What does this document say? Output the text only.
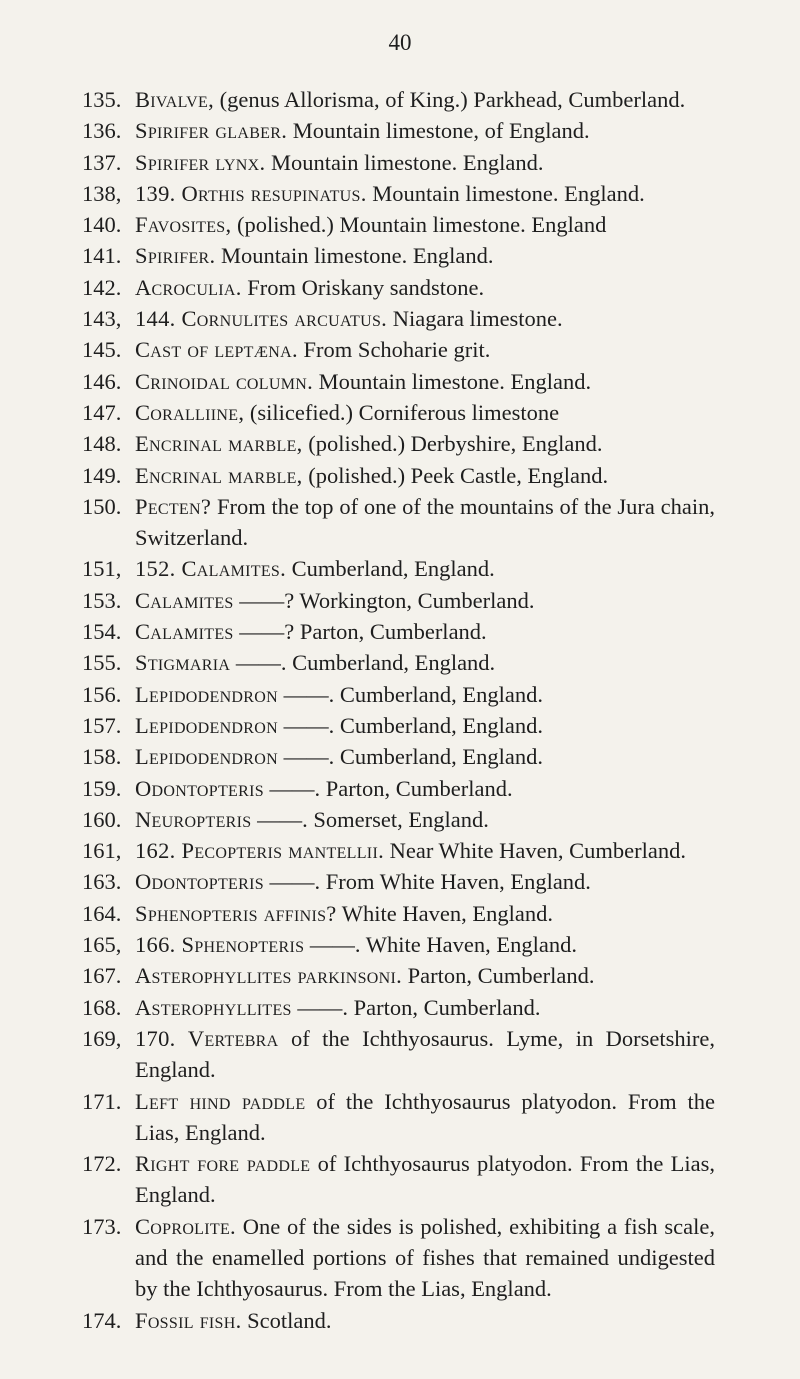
40
135. Bivalve, (genus Allorisma, of King.) Parkhead, Cumberland.
136. Spirifer glaber. Mountain limestone, of England.
137. Spirifer lynx. Mountain limestone. England.
138, 139. Orthis resupinatus. Mountain limestone. England.
140. Favosites, (polished.) Mountain limestone. England
141. Spirifer. Mountain limestone. England.
142. Acroculia. From Oriskany sandstone.
143, 144. Cornulites arcuatus. Niagara limestone.
145. Cast of leptæna. From Schoharie grit.
146. Crinoidal column. Mountain limestone. England.
147. Coralliine, (silicefied.) Corniferous limestone
148. Encrinal marble, (polished.) Derbyshire, England.
149. Encrinal marble, (polished.) Peek Castle, England.
150. Pecten? From the top of one of the mountains of the Jura chain, Switzerland.
151, 152. Calamites. Cumberland, England.
153. Calamites ——? Workington, Cumberland.
154. Calamites ——? Parton, Cumberland.
155. Stigmaria ——. Cumberland, England.
156. Lepidodendron ——. Cumberland, England.
157. Lepidodendron ——. Cumberland, England.
158. Lepidodendron ——. Cumberland, England.
159. Odontopteris ——. Parton, Cumberland.
160. Neuropteris ——. Somerset, England.
161, 162. Pecopteris mantellii. Near White Haven, Cumberland.
163. Odontopteris ——. From White Haven, England.
164. Sphenopteris affinis? White Haven, England.
165, 166. Sphenopteris ——. White Haven, England.
167. Asterophyllites parkinsoni. Parton, Cumberland.
168. Asterophyllites ——. Parton, Cumberland.
169, 170. Vertebra of the Ichthyosaurus. Lyme, in Dorsetshire, England.
171. Left hind paddle of the Ichthyosaurus platyodon. From the Lias, England.
172. Right fore paddle of Ichthyosaurus platyodon. From the Lias, England.
173. Coprolite. One of the sides is polished, exhibiting a fish scale, and the enamelled portions of fishes that remained undigested by the Ichthyosaurus. From the Lias, England.
174. Fossil fish. Scotland.
